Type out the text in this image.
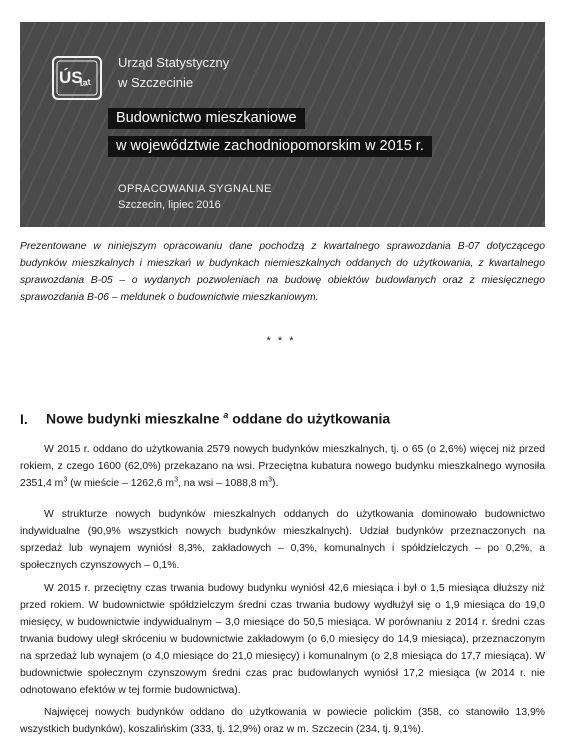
ÚS
tat
Urząd Statystyczny
w Szczecinie
Budownictwo mieszkaniowe
w województwie zachodniopomorskim w 2015 r.
OPRACOWANIA SYGNALNE
Szczecin, lipiec 2016

Prezentowane w niniejszym opracowaniu dane pochodzą z kwartalnego sprawozdania B-07 dotyczącego budynków mieszkalnych i mieszkań w budynkach niemieszkalnych oddanych do użytkowania, z kwartalnego sprawozdania B-05 – o wydanych pozwoleniach na budowę obiektów budowlanych oraz z miesięcznego sprawozdania B-06 – meldunek o budownictwie mieszkaniowym.

* * *
I. Nowe budynki mieszkalne $^a$ oddane do użytkowania

W 2015 r. oddano do użytkowania 2579 nowych budynków mieszkalnych, tj. o 65 (o 2,6%) więcej niż przed rokiem, z czego 1600 (62,0%) przekazano na wsi. Przeciętna kubatura nowego budynku mieszkalnego wynosiła 2351,4 $m^3$ (w mieście – 1262,6 $m^3$, na wsi – 1088,8 $m^3$).

W strukturze nowych budynków mieszkalnych oddanych do użytkowania dominowało budownictwo indywidualne (90,9% wszystkich nowych budynków mieszkalnych). Udział budynków przeznaczonych na sprzedaż lub wynajem wyniósł 8,3%, zakładowych – 0,3%, komunalnych i spółdzielczych – po 0,2%, a społecznych czynszowych – 0,1%.

W 2015 r. przeciętny czas trwania budowy budynku wyniósł 42,6 miesiąca i był o 1,5 miesiąca dłuższy niż przed rokiem. W budownictwie spółdzielczym średni czas trwania budowy wydłużył się o 1,9 miesiąca do 19,0 miesięcy, w budownictwie indywidualnym – 3,0 miesiące do 50,5 miesiąca. W porównaniu z 2014 r. średni czas trwania budowy uległ skróceniu w budownictwie zakładowym (o 6,0 miesięcy do 14,9 miesiąca), przeznaczonym na sprzedaż lub wynajem (o 4,0 miesiące do 21,0 miesięcy) i komunalnym (o 2,8 miesiąca do 17,7 miesiąca). W budownictwie społecznym czynszowym średni czas prac budowlanych wyniósł 17,2 miesiąca (w 2014 r. nie odnotowano efektów w tej formie budownictwa).

Najwięcej nowych budynków oddano do użytkowania w powiecie polickim (358, co stanowiło 13,9% wszystkich budynków), koszalińskim (333, tj. 12,9%) oraz w m. Szczecin (234, tj. 9,1%).
